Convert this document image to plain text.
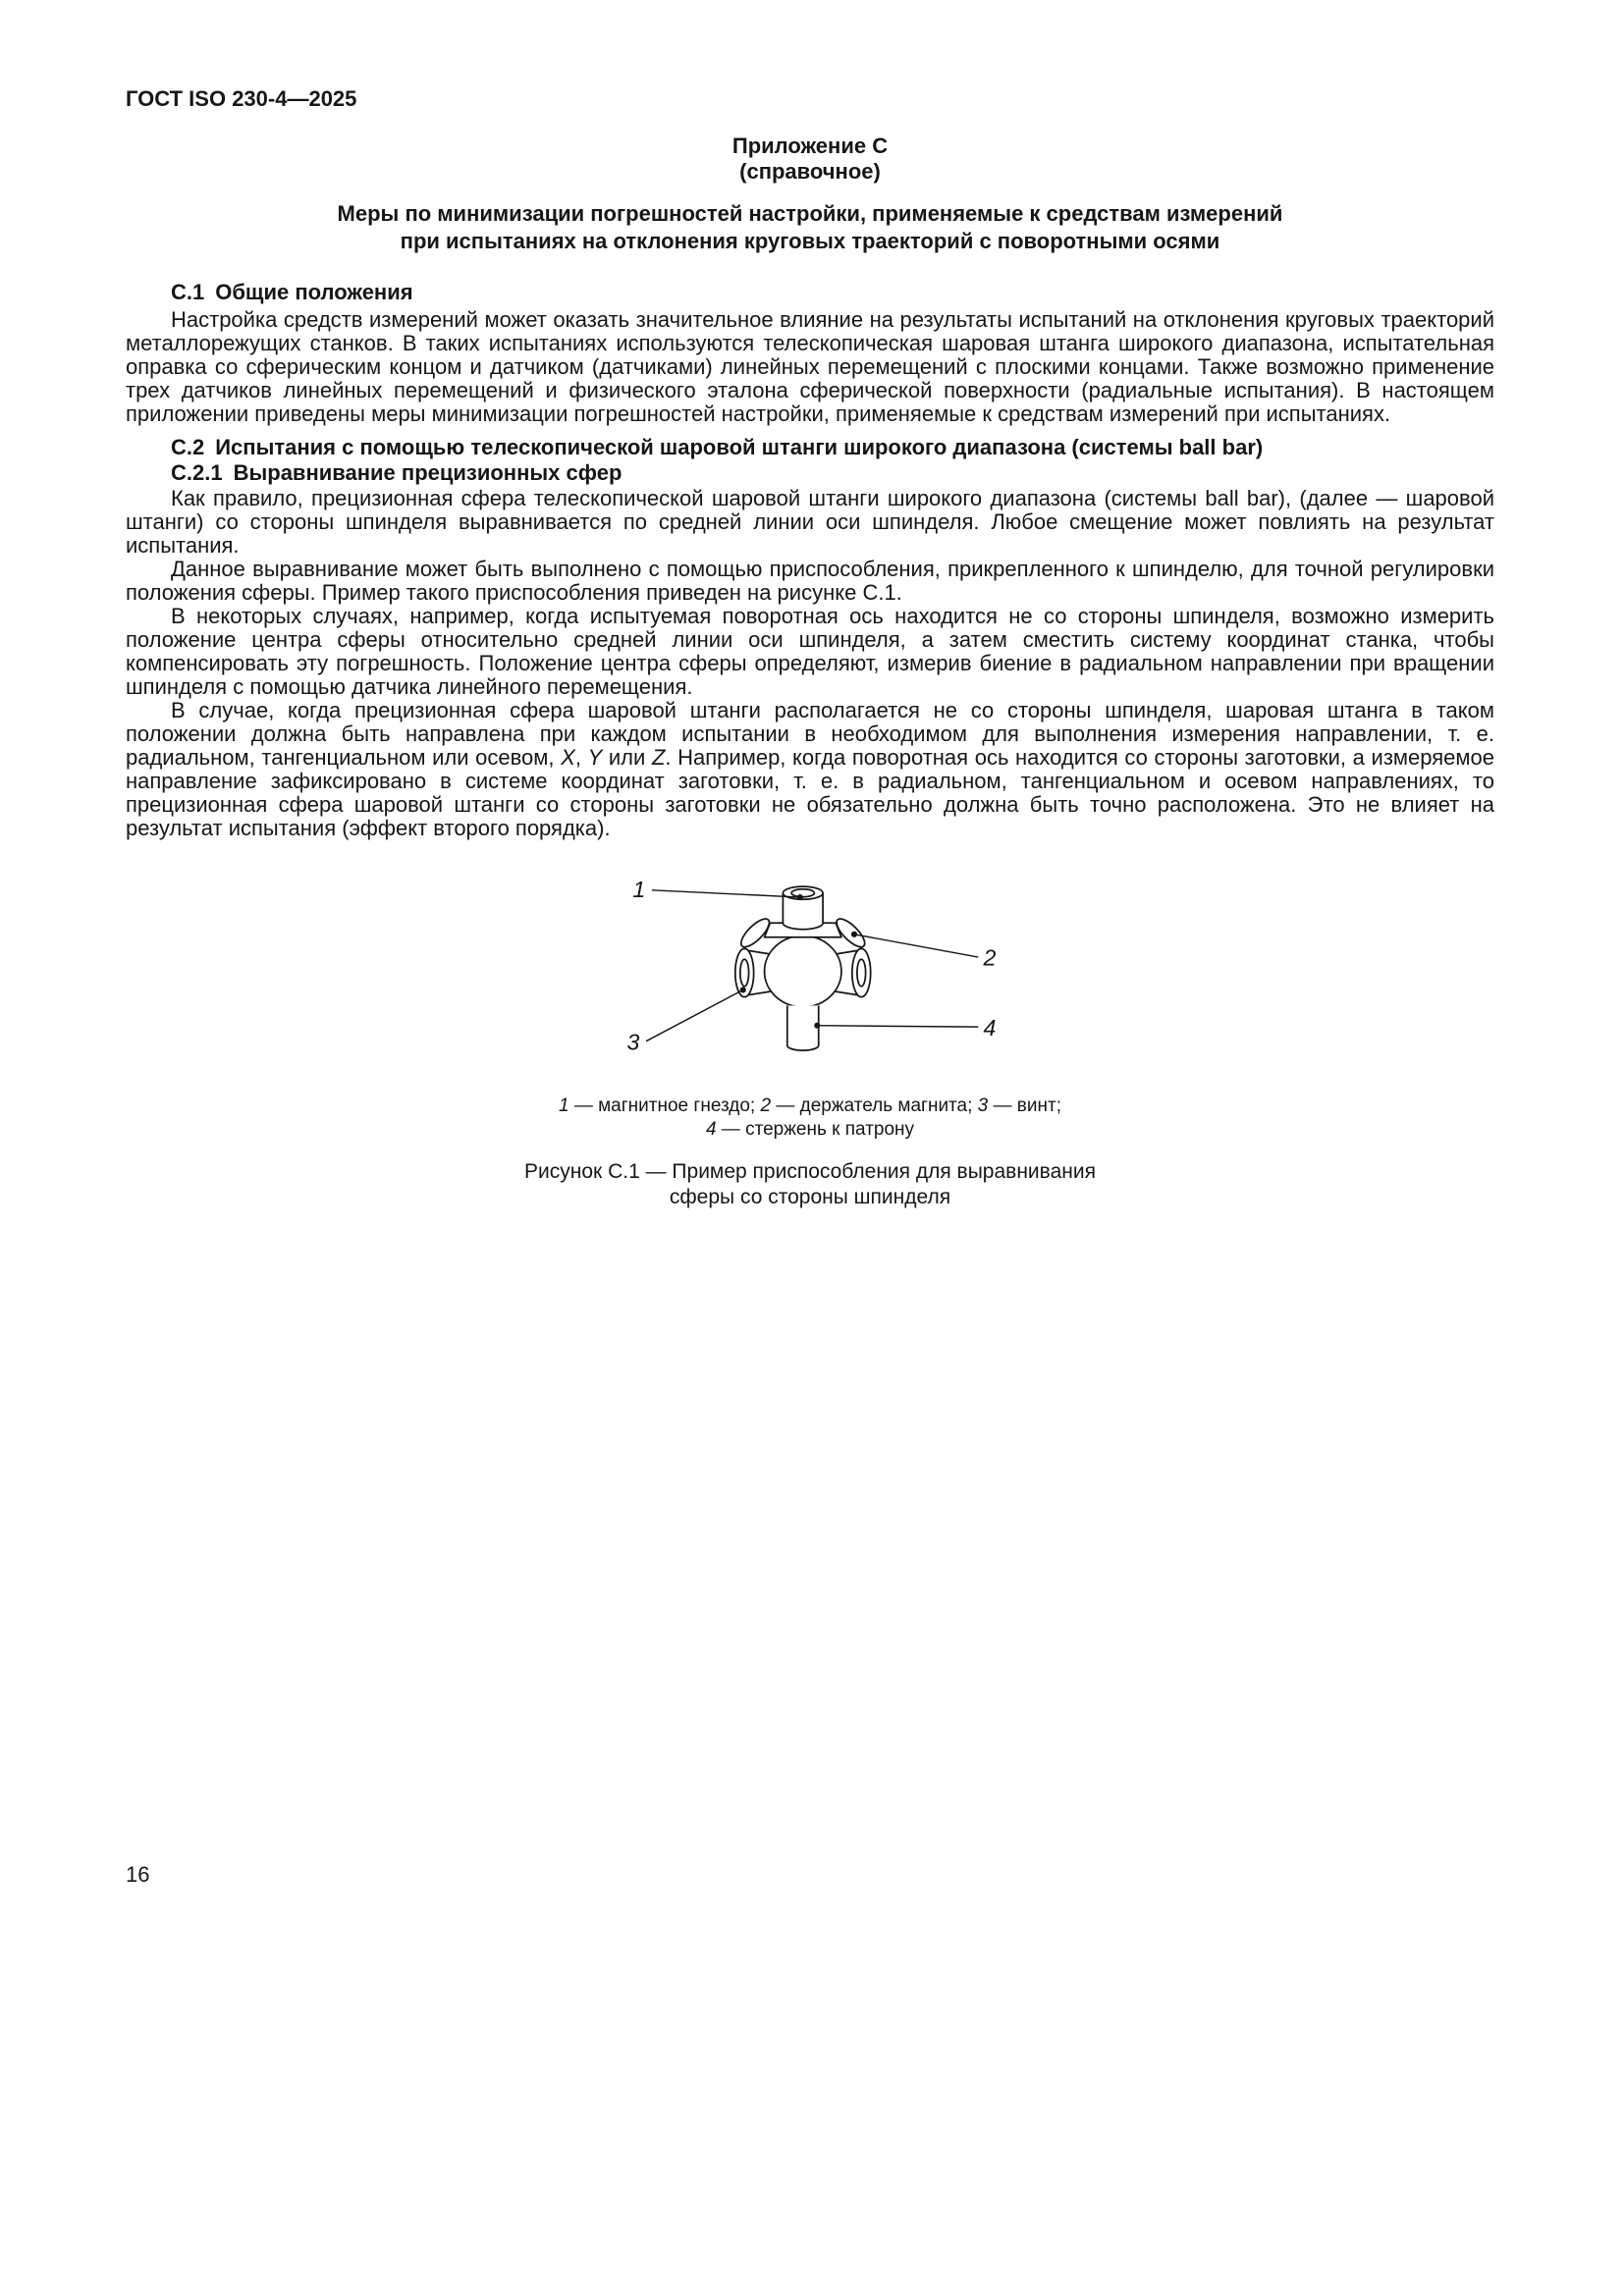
ГОСТ ISO 230-4—2025
Приложение С
(справочное)
Меры по минимизации погрешностей настройки, применяемые к средствам измерений
при испытаниях на отклонения круговых траекторий с поворотными осями
С.1 Общие положения

Настройка средств измерений может оказать значительное влияние на результаты испытаний на отклонения круговых траекторий металлорежущих станков. В таких испытаниях используются телескопическая шаровая штанга широкого диапазона, испытательная оправка со сферическим концом и датчиком (датчиками) линейных перемещений с плоскими концами. Также возможно применение трех датчиков линейных перемещений и физического эталона сферической поверхности (радиальные испытания). В настоящем приложении приведены меры минимизации погрешностей настройки, применяемые к средствам измерений при испытаниях.

С.2 Испытания с помощью телескопической шаровой штанги широкого диапазона (системы ball bar)
С.2.1 Выравнивание прецизионных сфер

Как правило, прецизионная сфера телескопической шаровой штанги широкого диапазона (системы ball bar), (далее — шаровой штанги) со стороны шпинделя выравнивается по средней линии оси шпинделя. Любое смещение может повлиять на результат испытания.

Данное выравнивание может быть выполнено с помощью приспособления, прикрепленного к шпинделю, для точной регулировки положения сферы. Пример такого приспособления приведен на рисунке С.1.

В некоторых случаях, например, когда испытуемая поворотная ось находится не со стороны шпинделя, возможно измерить положение центра сферы относительно средней линии оси шпинделя, а затем сместить систему координат станка, чтобы компенсировать эту погрешность. Положение центра сферы определяют, измерив биение в радиальном направлении при вращении шпинделя с помощью датчика линейного перемещения.

В случае, когда прецизионная сфера шаровой штанги располагается не со стороны шпинделя, шаровая штанга в таком положении должна быть направлена при каждом испытании в необходимом для выполнения измерения направлении, т. е. радиальном, тангенциальном или осевом, X, Y или Z. Например, когда поворотная ось находится со стороны заготовки, а измеряемое направление зафиксировано в системе координат заготовки, т. е. в радиальном, тангенциальном и осевом направлениях, то прецизионная сфера шаровой штанги со стороны заготовки не обязательно должна быть точно расположена. Это не влияет на результат испытания (эффект второго порядка).

1
2
3
4
1 — магнитное гнездо; 2 — держатель магнита; 3 — винт;
4 — стержень к патрону
Рисунок С.1 — Пример приспособления для выравнивания
сферы со стороны шпинделя
16
